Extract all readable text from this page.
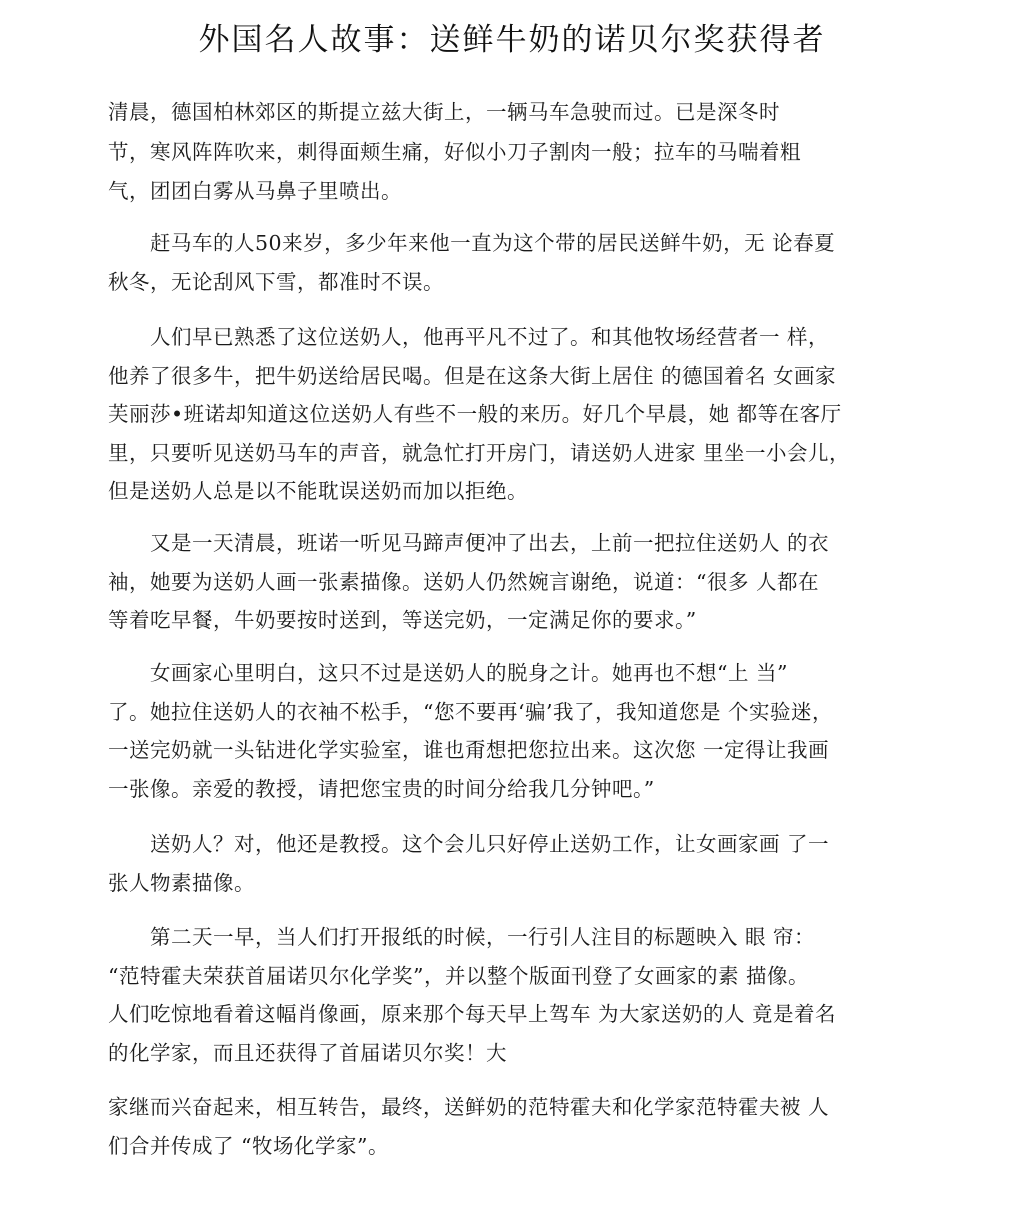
外国名人故事：送鲜牛奶的诺贝尔奖获得者
清晨，德国柏林郊区的斯提立兹大街上，一辆马车急驶而过。已是深冬时
节，寒风阵阵吹来，刺得面颊生痛，好似小刀子割肉一般；拉车的马喘着粗
气，团团白雾从马鼻子里喷出。
　　赶马车的人50来岁，多少年来他一直为这个带的居民送鲜牛奶，无 论春夏
秋冬，无论刮风下雪，都准时不误。
　　人们早已熟悉了这位送奶人，他再平凡不过了。和其他牧场经营者一 样，
他养了很多牛，把牛奶送给居民喝。但是在这条大街上居住 的德国着名 女画家
芙丽莎•班诺却知道这位送奶人有些不一般的来历。好几个早晨，她 都等在客厅
里，只要听见送奶马车的声音，就急忙打开房门，请送奶人进家 里坐一小会儿，
但是送奶人总是以不能耽误送奶而加以拒绝。
　　又是一天清晨，班诺一听见马蹄声便冲了出去，上前一把拉住送奶人 的衣
袖，她要为送奶人画一张素描像。送奶人仍然婉言谢绝，说道：“很多 人都在
等着吃早餐，牛奶要按时送到，等送完奶，一定满足你的要求。”
　　女画家心里明白，这只不过是送奶人的脱身之计。她再也不想“上 当”
了。她拉住送奶人的衣袖不松手，“您不要再‘骗’我了，我知道您是 个实验迷，
一送完奶就一头钻进化学实验室，谁也甭想把您拉出来。这次您 一定得让我画
一张像。亲爱的教授，请把您宝贵的时间分给我几分钟吧。”
　　送奶人？对，他还是教授。这个会儿只好停止送奶工作，让女画家画 了一
张人物素描像。
　　第二天一早，当人们打开报纸的时候，一行引人注目的标题映入 眼 帘：
“范特霍夫荣获首届诺贝尔化学奖”，并以整个版面刊登了女画家的素 描像。
人们吃惊地看着这幅肖像画，原来那个每天早上驾车 为大家送奶的人 竟是着名
的化学家，而且还获得了首届诺贝尔奖！大
家继而兴奋起来，相互转告，最终，送鲜奶的范特霍夫和化学家范特霍夫被 人
们合并传成了 “牧场化学家”。
